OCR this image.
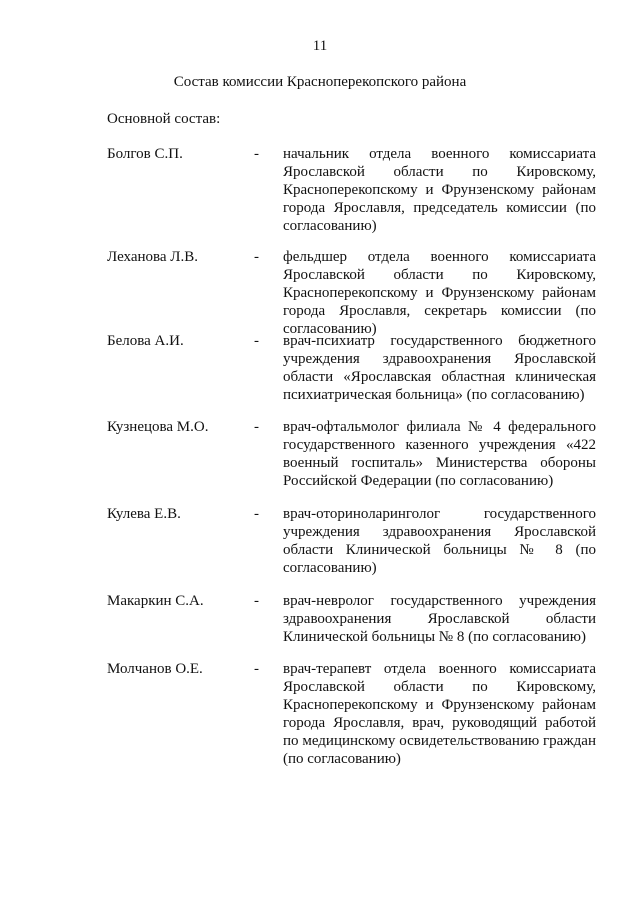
11
Состав комиссии Красноперекопского района
Основной состав:
Болгов С.П.	- начальник отдела военного комиссариата Ярославской области по Кировскому, Красноперекопскому и Фрунзенскому районам города Ярославля, председатель комиссии (по согласованию)
Леханова Л.В.	- фельдшер отдела военного комиссариата Ярославской области по Кировскому, Красноперекопскому и Фрунзенскому районам города Ярославля, секретарь комиссии (по согласованию)
Белова А.И.	- врач-психиатр государственного бюджетного учреждения здравоохранения Ярославской области «Ярославская областная клиническая психиатрическая больница» (по согласованию)
Кузнецова М.О.	- врач-офтальмолог филиала № 4 федерального государственного казенного учреждения «422 военный госпиталь» Министерства обороны Российской Федерации (по согласованию)
Кулева Е.В.	- врач-оториноларинголог государственного учреждения здравоохранения Ярославской области Клинической больницы № 8 (по согласованию)
Макаркин С.А.	- врач-невролог государственного учреждения здравоохранения Ярославской области Клинической больницы № 8 (по согласованию)
Молчанов О.Е.	- врач-терапевт отдела военного комиссариата Ярославской области по Кировскому, Красноперекопскому и Фрунзенскому районам города Ярославля, врач, руководящий работой по медицинскому освидетельствованию граждан (по согласованию)
